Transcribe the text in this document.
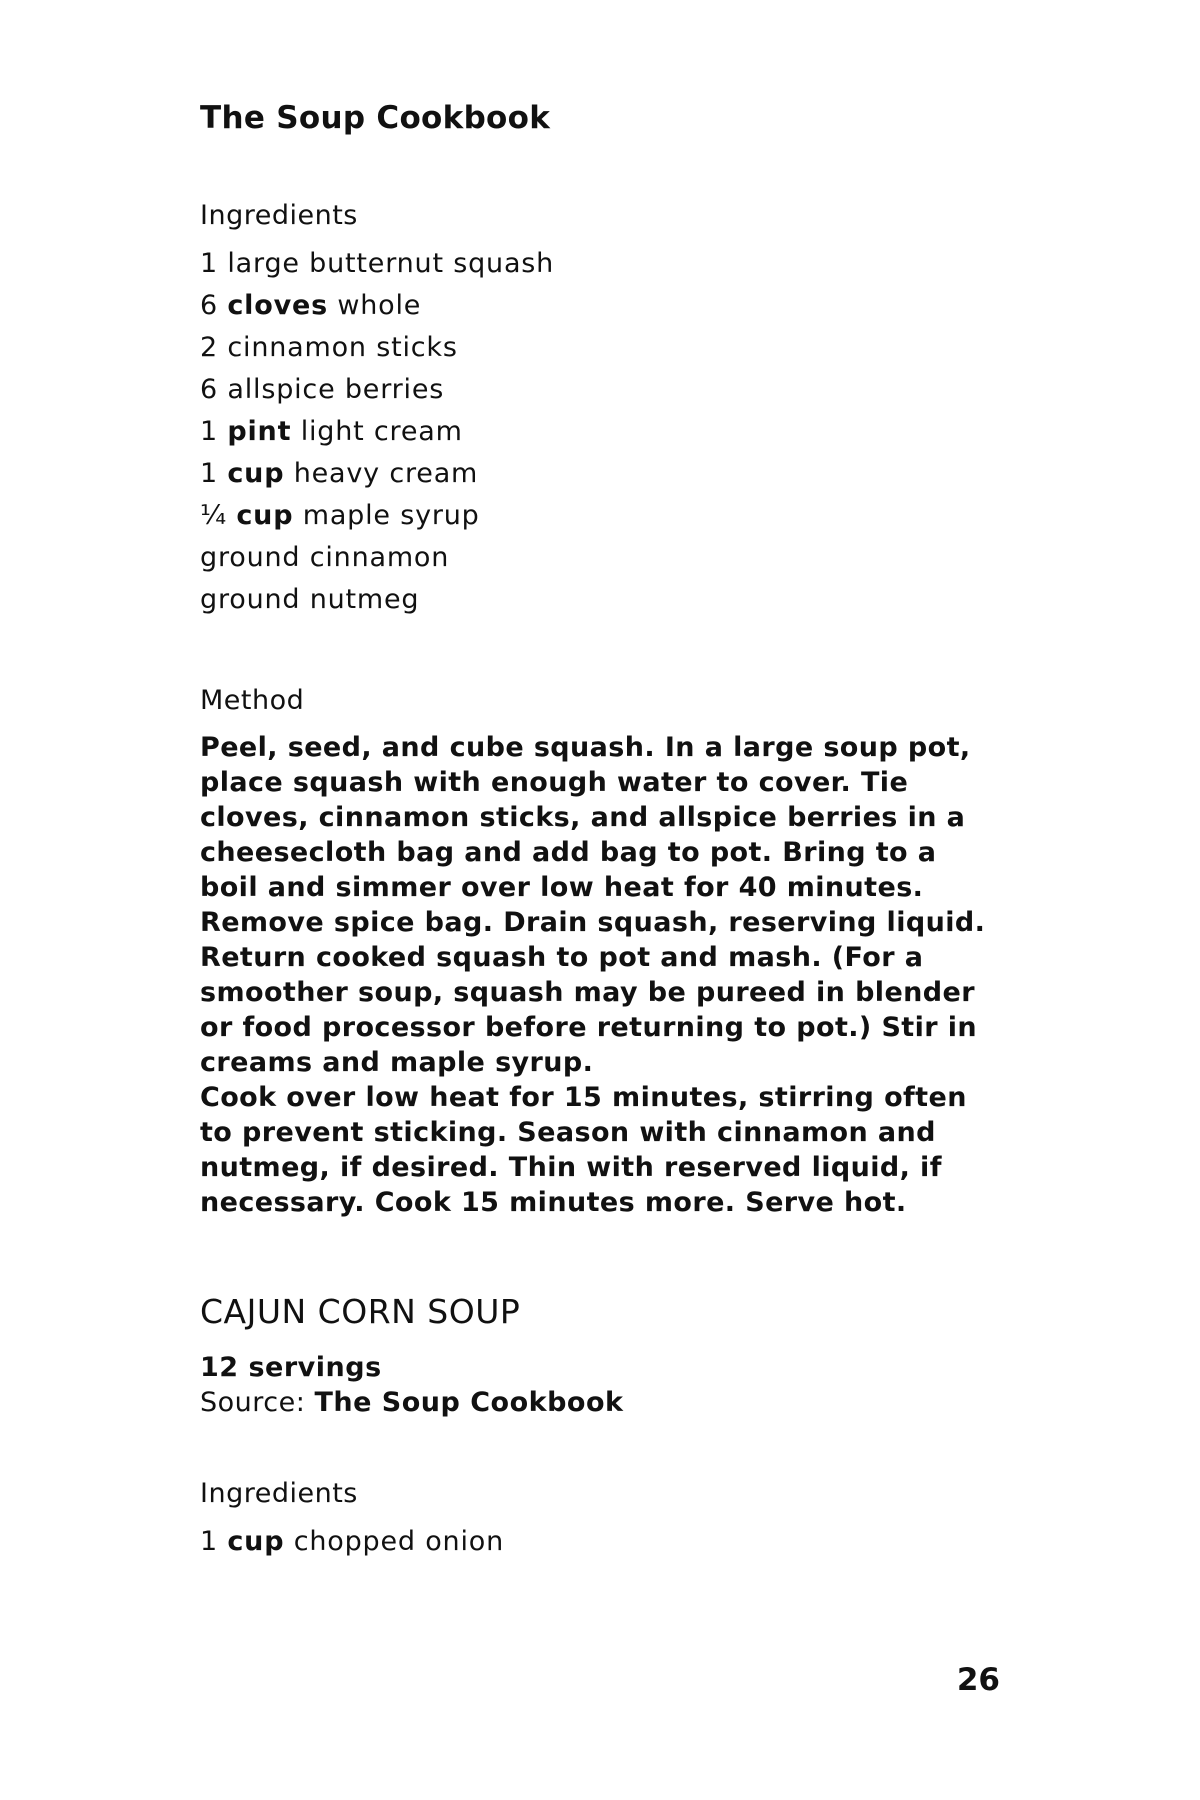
The Soup Cookbook
Ingredients
1 large butternut squash
6 cloves whole
2 cinnamon sticks
6 allspice berries
1 pint light cream
1 cup heavy cream
¼ cup maple syrup
ground cinnamon
ground nutmeg
Method

Peel, seed, and cube squash. In a large soup pot, place squash with enough water to cover. Tie cloves, cinnamon sticks, and allspice berries in a cheesecloth bag and add bag to pot. Bring to a boil and simmer over low heat for 40 minutes. Remove spice bag. Drain squash, reserving liquid. Return cooked squash to pot and mash. (For a smoother soup, squash may be pureed in blender or food processor before returning to pot.) Stir in creams and maple syrup.

Cook over low heat for 15 minutes, stirring often to prevent sticking. Season with cinnamon and nutmeg, if desired. Thin with reserved liquid, if necessary. Cook 15 minutes more. Serve hot.

CAJUN CORN SOUP
12 servings
Source: The Soup Cookbook
Ingredients
1 cup chopped onion
26
